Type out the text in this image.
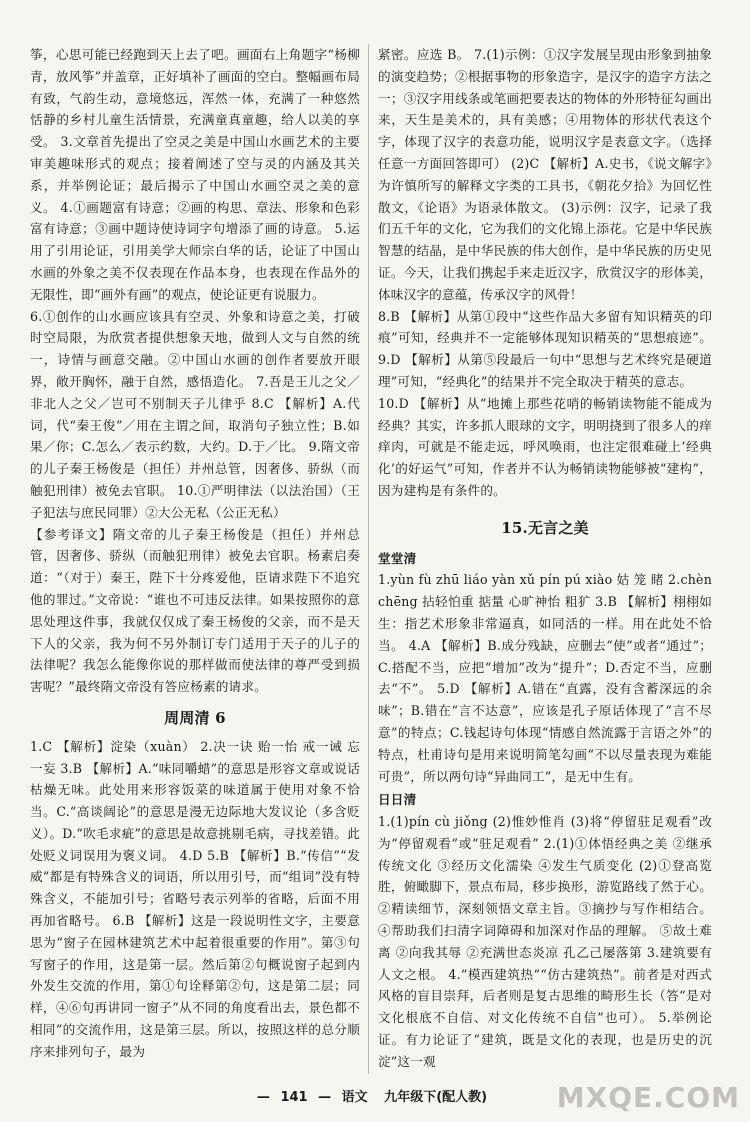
筝，心思可能已经跑到天上去了吧。画面右上角题字“杨柳青，放风筝”并盖章，正好填补了画面的空白。整幅画布局有致，气韵生动，意境悠远，浑然一体，充满了一种悠然恬静的乡村儿童生活情景，充满童真童趣，给人以美的享受。 3.文章首先提出了空灵之美是中国山水画艺术的主要审美趣味形式的观点；接着阐述了空与灵的内涵及其关系，并举例论证；最后揭示了中国山水画空灵之美的意义。 4.①画题富有诗意；②画的构思、章法、形象和色彩富有诗意；③画中题诗使诗词字句增添了画的诗意。 5.运用了引用论证，引用美学大师宗白华的话，论证了中国山水画的外象之美不仅表现在作品本身，也表现在作品外的无限性，即“画外有画”的观点，使论证更有说服力。

6.①创作的山水画应该具有空灵、外象和诗意之美，打破时空局限，为欣赏者提供想象天地，做到人文与自然的统一，诗情与画意交融。②中国山水画的创作者要放开眼界，敞开胸怀，融于自然，感悟造化。 7.吾是王儿之父／非北人之父／岂可不别制天子儿律乎 8.C 【解析】A.代词，代“秦王俊”／用在主谓之间，取消句子独立性；B.如果／你；C.怎么／表示约数，大约。D.于／比。 9.隋文帝的儿子秦王杨俊是（担任）并州总管，因奢侈、骄纵（而触犯刑律）被免去官职。 10.①严明律法（以法治国）（王子犯法与庶民同罪）②大公无私（公正无私）

【参考译文】隋文帝的儿子秦王杨俊是（担任）并州总管，因奢侈、骄纵（而触犯刑律）被免去官职。杨素启奏道：“（对于）秦王，陛下十分疼爱他，臣请求陛下不追究他的罪过。”文帝说：“谁也不可违反法律。如果按照你的意思处理这件事，我就仅仅成了秦王杨俊的父亲，而不是天下人的父亲，我为何不另外制订专门适用于天子的儿子的法律呢？我怎么能像你说的那样做而使法律的尊严受到损害呢？”最终隋文帝没有答应杨素的请求。

周周清 6

1.C 【解析】淀染（xuàn） 2.决一诀 贻一怡 戒一诫 忘一妄 3.B 【解析】A.“味同嚼蜡”的意思是形容文章或说话枯燥无味。此处用来形容饭菜的味道属于使用对象不恰当。C.“高谈阔论”的意思是漫无边际地大发议论（多含贬义）。D.“吹毛求疵”的意思是故意挑剔毛病，寻找差错。此处贬义词误用为褒义词。 4.D 5.B 【解析】B.“传信”“发威”都是有特殊含义的词语，所以用引号，而“组词”没有特殊含义，不能加引号；省略号表示列举的省略，后面不用再加省略号。 6.B 【解析】这是一段说明性文字，主要意思为“窗子在园林建筑艺术中起着很重要的作用”。第③句写窗子的作用，这是第一层。然后第②句概说窗子起到内外发生交流的作用，第①句诠释第②句，这是第二层；同样，④⑥句再讲同一窗子“从不同的角度看出去，景色都不相同”的交流作用，这是第三层。所以，按照这样的总分顺序来排列句子，最为

紧密。应选 B。 7.(1)示例：①汉字发展呈现由形象到抽象的演变趋势；②根据事物的形象造字，是汉字的造字方法之一；③汉字用线条或笔画把要表达的物体的外形特征勾画出来，天生是美术的，具有美感；④用物体的形状代表这个字，体现了汉字的表意功能，说明汉字是表意文字。（选择任意一方面回答即可） (2)C 【解析】A.史书，《说文解字》为许慎所写的解释文字类的工具书，《朝花夕拾》为回忆性散文，《论语》为语录体散文。 (3)示例：汉字，记录了我们五千年的文化，它为我们的文化锦上添花。它是中华民族智慧的结晶，是中华民族的伟大创作，是中华民族的历史见证。今天，让我们携起手来走近汉字，欣赏汉字的形体美，体味汉字的意蕴，传承汉字的风骨！

8.B 【解析】从第①段中“这些作品大多留有知识精英的印痕”可知，经典并不一定能够体现知识精英的“思想痕迹”。 9.D 【解析】从第⑤段最后一句中“思想与艺术终究是硬道理”可知，“经典化”的结果并不完全取决于精英的意志。

10.D 【解析】从“地摊上那些花哨的畅销读物能不能成为经典？其实，许多抓人眼球的文字，明明挠到了很多人的痒痒肉，可就是不能走远，呼风唤雨，也注定很难碰上‘经典化’的好运气”可知，作者并不认为畅销读物能够被“建构”，因为建构是有条件的。

15.无言之美
堂堂清

1.yùn fù zhū liáo yàn xǔ pín pú xiào 姑 笼 睹 2.chèn chēng 拈轻怕重 掂量 心旷神怡 粗犷 3.B 【解析】栩栩如生：指艺术形象非常逼真，如同活的一样。用在此处不恰当。 4.A 【解析】B.成分残缺，应删去“使”或者“通过”；C.搭配不当，应把“增加”改为“提升”；D.否定不当，应删去“不”。 5.D 【解析】A.错在“直露，没有含蓄深远的余味”；B.错在“言不达意”，应该是孔子原话体现了“言不尽意”的特点；C.钱起诗句体现“情感自然流露于言语之外”的特点，杜甫诗句是用来说明简笔勾画“不以尽量表现为难能可贵”，所以两句诗“异曲同工”，是无中生有。

日日清

1.(1)pín cù jiǒng (2)惟妙惟肖 (3)将“停留驻足观看”改为“停留观看”或“驻足观看” 2.(1)①体悟经典之美 ②继承传统文化 ③经历文化濡染 ④发生气质变化 (2)①登高览胜，俯瞰脚下，景点布局，移步换形，游览路线了然于心。②精读细节，深刻领悟文章主旨。③摘抄与写作相结合。 ④帮助我们扫清字词障碍和加深对作品的理解。 ⑤故土难离 ②向我其辱 ②充满世态炎凉 孔乙己屡落第 3.建筑要有人文之根。 4.“模西建筑热”“仿古建筑热”。前者是对西式风格的盲目崇拜，后者则是复古思维的畸形生长（答“是对文化根底不自信、对文化传统不自信”也可）。 5.举例论证。有力论证了“建筑，既是文化的表现，也是历史的沉淀”这一观

— 141 — 语文 九年级下(配人教)	MXQE.COM
